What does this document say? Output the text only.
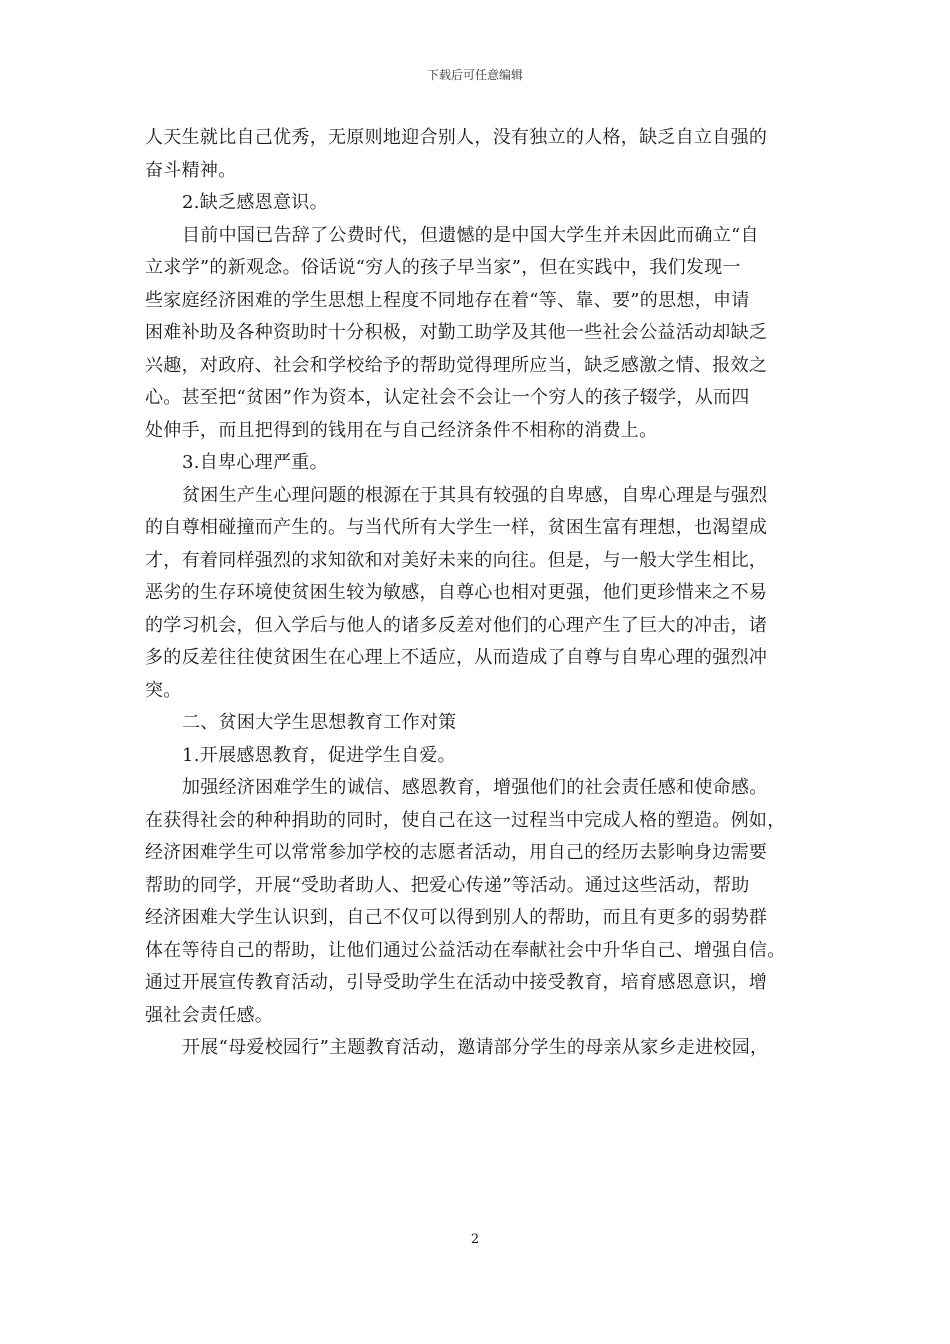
下载后可任意编辑
人天生就比自己优秀，无原则地迎合别人，没有独立的人格，缺乏自立自强的
奋斗精神。
2.缺乏感恩意识。
目前中国已告辞了公费时代，但遗憾的是中国大学生并未因此而确立“自
立求学”的新观念。俗话说“穷人的孩子早当家”，但在实践中，我们发现一
些家庭经济困难的学生思想上程度不同地存在着“等、靠、要”的思想，申请
困难补助及各种资助时十分积极，对勤工助学及其他一些社会公益活动却缺乏
兴趣，对政府、社会和学校给予的帮助觉得理所应当，缺乏感激之情、报效之
心。甚至把“贫困”作为资本，认定社会不会让一个穷人的孩子辍学，从而四
处伸手，而且把得到的钱用在与自己经济条件不相称的消费上。
3.自卑心理严重。
贫困生产生心理问题的根源在于其具有较强的自卑感，自卑心理是与强烈
的自尊相碰撞而产生的。与当代所有大学生一样，贫困生富有理想，也渴望成
才，有着同样强烈的求知欲和对美好未来的向往。但是，与一般大学生相比，
恶劣的生存环境使贫困生较为敏感，自尊心也相对更强，他们更珍惜来之不易
的学习机会，但入学后与他人的诸多反差对他们的心理产生了巨大的冲击，诸
多的反差往往使贫困生在心理上不适应，从而造成了自尊与自卑心理的强烈冲
突。
二、贫困大学生思想教育工作对策
1.开展感恩教育，促进学生自爱。
加强经济困难学生的诚信、感恩教育，增强他们的社会责任感和使命感。
在获得社会的种种捐助的同时，使自己在这一过程当中完成人格的塑造。例如，
经济困难学生可以常常参加学校的志愿者活动，用自己的经历去影响身边需要
帮助的同学，开展“受助者助人、把爱心传递”等活动。通过这些活动，帮助
经济困难大学生认识到，自己不仅可以得到别人的帮助，而且有更多的弱势群
体在等待自己的帮助，让他们通过公益活动在奉献社会中升华自己、增强自信。
通过开展宣传教育活动，引导受助学生在活动中接受教育，培育感恩意识，增
强社会责任感。
开展“母爱校园行”主题教育活动，邀请部分学生的母亲从家乡走进校园，
2
